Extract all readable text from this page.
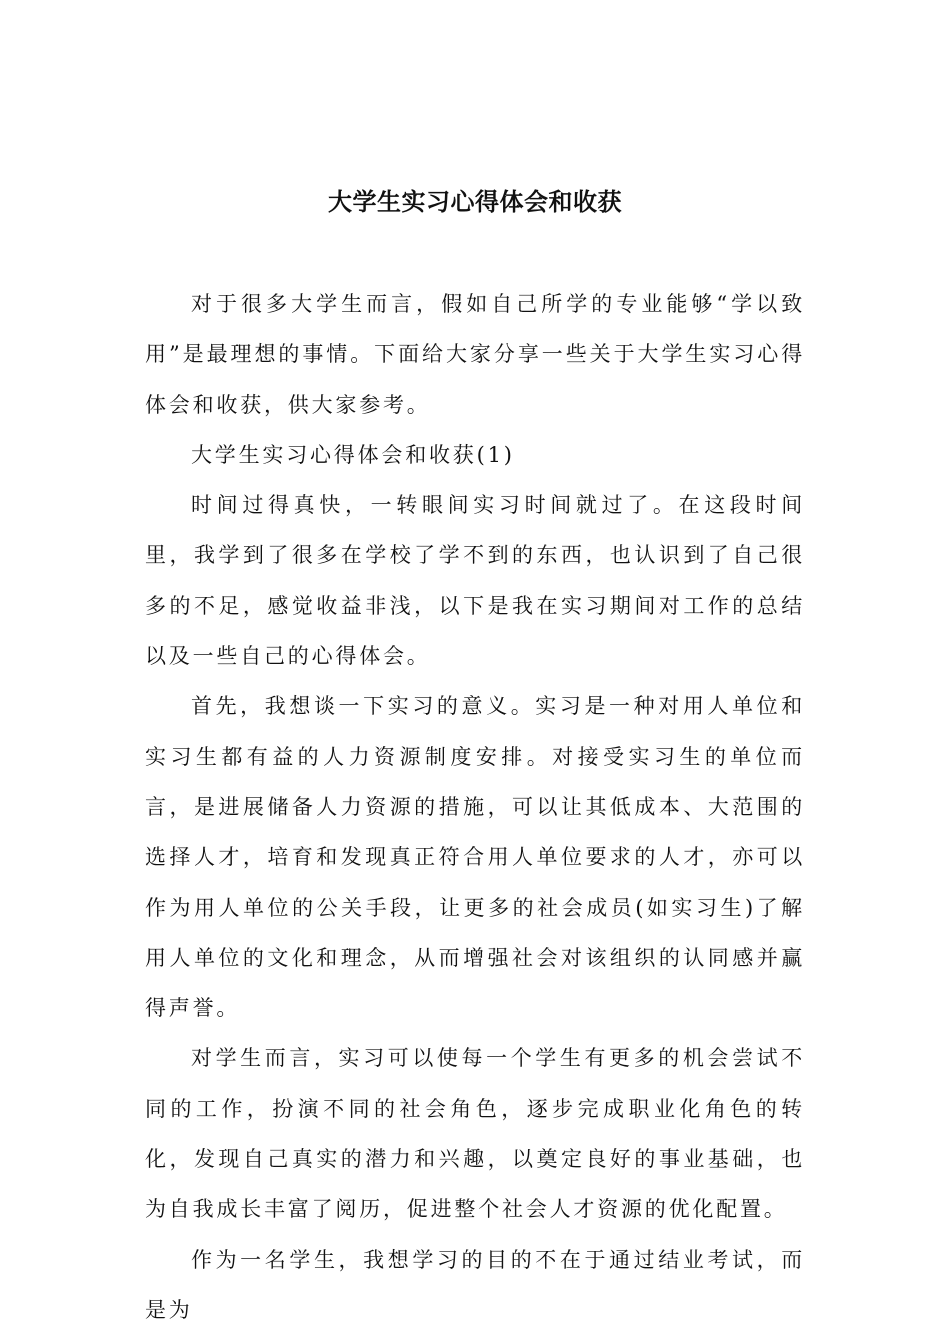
大学生实习心得体会和收获

对于很多大学生而言，假如自己所学的专业能够“学以致用”是最理想的事情。下面给大家分享一些关于大学生实习心得体会和收获，供大家参考。

大学生实习心得体会和收获(1)

时间过得真快，一转眼间实习时间就过了。在这段时间里，我学到了很多在学校了学不到的东西，也认识到了自己很多的不足，感觉收益非浅，以下是我在实习期间对工作的总结以及一些自己的心得体会。

首先，我想谈一下实习的意义。实习是一种对用人单位和实习生都有益的人力资源制度安排。对接受实习生的单位而言，是进展储备人力资源的措施，可以让其低成本、大范围的选择人才，培育和发现真正符合用人单位要求的人才，亦可以作为用人单位的公关手段，让更多的社会成员(如实习生)了解用人单位的文化和理念，从而增强社会对该组织的认同感并赢得声誉。

对学生而言，实习可以使每一个学生有更多的机会尝试不同的工作，扮演不同的社会角色，逐步完成职业化角色的转化，发现自己真实的潜力和兴趣，以奠定良好的事业基础，也为自我成长丰富了阅历，促进整个社会人才资源的优化配置。

作为一名学生，我想学习的目的不在于通过结业考试，而是为
